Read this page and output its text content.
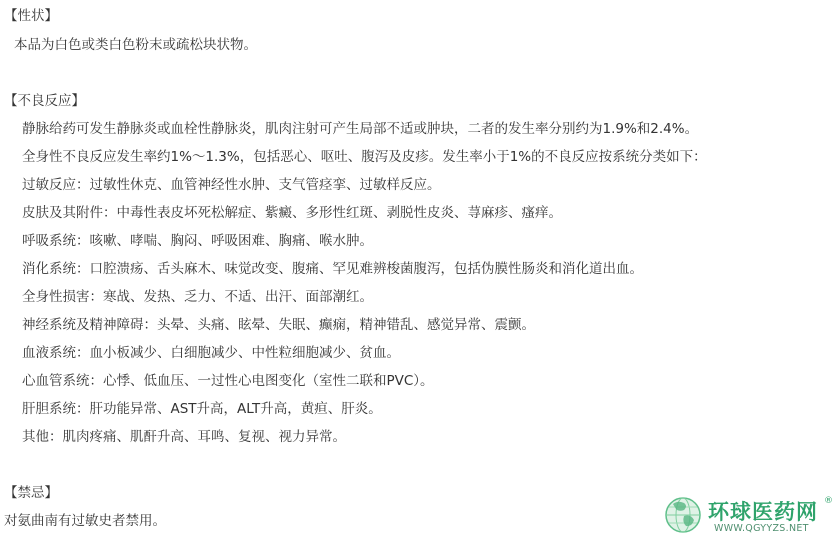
【性状】
本品为白色或类白色粉末或疏松块状物。
【不良反应】
静脉给药可发生静脉炎或血栓性静脉炎，肌肉注射可产生局部不适或肿块，二者的发生率分别约为1.9%和2.4%。
全身性不良反应发生率约1%～1.3%，包括恶心、呕吐、腹泻及皮疹。发生率小于1%的不良反应按系统分类如下：
过敏反应：过敏性休克、血管神经性水肿、支气管痉挛、过敏样反应。
皮肤及其附件：中毒性表皮坏死松解症、紫癜、多形性红斑、剥脱性皮炎、荨麻疹、瘙痒。
呼吸系统：咳嗽、哮喘、胸闷、呼吸困难、胸痛、喉水肿。
消化系统：口腔溃疡、舌头麻木、味觉改变、腹痛、罕见难辨梭菌腹泻，包括伪膜性肠炎和消化道出血。
全身性损害：寒战、发热、乏力、不适、出汗、面部潮红。
神经系统及精神障碍：头晕、头痛、眩晕、失眠、癫痫，精神错乱、感觉异常、震颤。
血液系统：血小板减少、白细胞减少、中性粒细胞减少、贫血。
心血管系统：心悸、低血压、一过性心电图变化（室性二联和PVC）。
肝胆系统：肝功能异常、AST升高，ALT升高，黄疸、肝炎。
其他：肌肉疼痛、肌酐升高、耳鸣、复视、视力异常。
【禁忌】
对氨曲南有过敏史者禁用。	环球医药网 ®
WWW.QGYYZS.NET
